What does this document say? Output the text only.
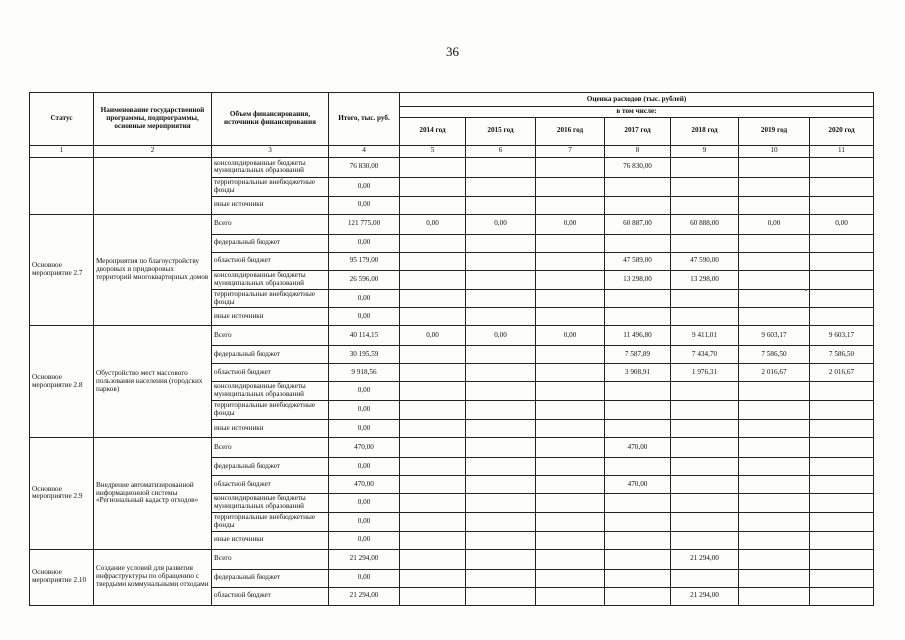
36
Статус	Наименование государственной программы, подпрограммы, основные мероприятия	Объем финансирования, источники финансирования	Итого, тыс. руб.	Оценка расходов (тыс. рублей)						
				в том числе:						
				2014 год	2015 год	2016 год	2017 год	2018 год	2019 год	2020 год
1	2	3	4	5	6	7	8	9	10	11
		консолидированные бюджеты муниципальных образований	76 830,00				76 830,00			
		территориальные внебюджетные фонды	0,00							
		иные источники	0,00							
Основное мероприятие 2.7	Мероприятия по благоустройству дворовых и придворовых территорий многоквартирных домов	Всего	121 775,00	0,00	0,00	0,00	60 887,00	60 888,00	0,00	0,00
		федеральный бюджет	0,00							
		областной бюджет	95 179,00				47 589,00	47 590,00		
		консолидированные бюджеты муниципальных образований	26 596,00				13 298,00	13 298,00		
		территориальные внебюджетные фонды	0,00							
		иные источники	0,00							
Основное мероприятие 2.8	Обустройство мест массового пользования населения (городских парков)	Всего	40 114,15	0,00	0,00	0,00	11 496,80	9 411,01	9 603,17	9 603,17
		федеральный бюджет	30 195,59				7 587,89	7 434,70	7 586,50	7 586,50
		областной бюджет	9 918,56				3 908,91	1 976,31	2 016,67	2 016,67
		консолидированные бюджеты муниципальных образований	0,00							
		территориальные внебюджетные фонды	0,00							
		иные источники	0,00							
Основное мероприятие 2.9	Внедрение автоматизированной информационной системы «Региональный кадастр отходов»	Всего	470,00				470,00			
		федеральный бюджет	0,00							
		областной бюджет	470,00				470,00			
		консолидированные бюджеты муниципальных образований	0,00							
		территориальные внебюджетные фонды	0,00							
		иные источники	0,00							
Основное мероприятие 2.10	Создание условий для развития инфраструктуры по обращению с твердыми коммунальными отходами	Всего	21 294,00					21 294,00		
		федеральный бюджет	0,00							
		областной бюджет	21 294,00					21 294,00		
